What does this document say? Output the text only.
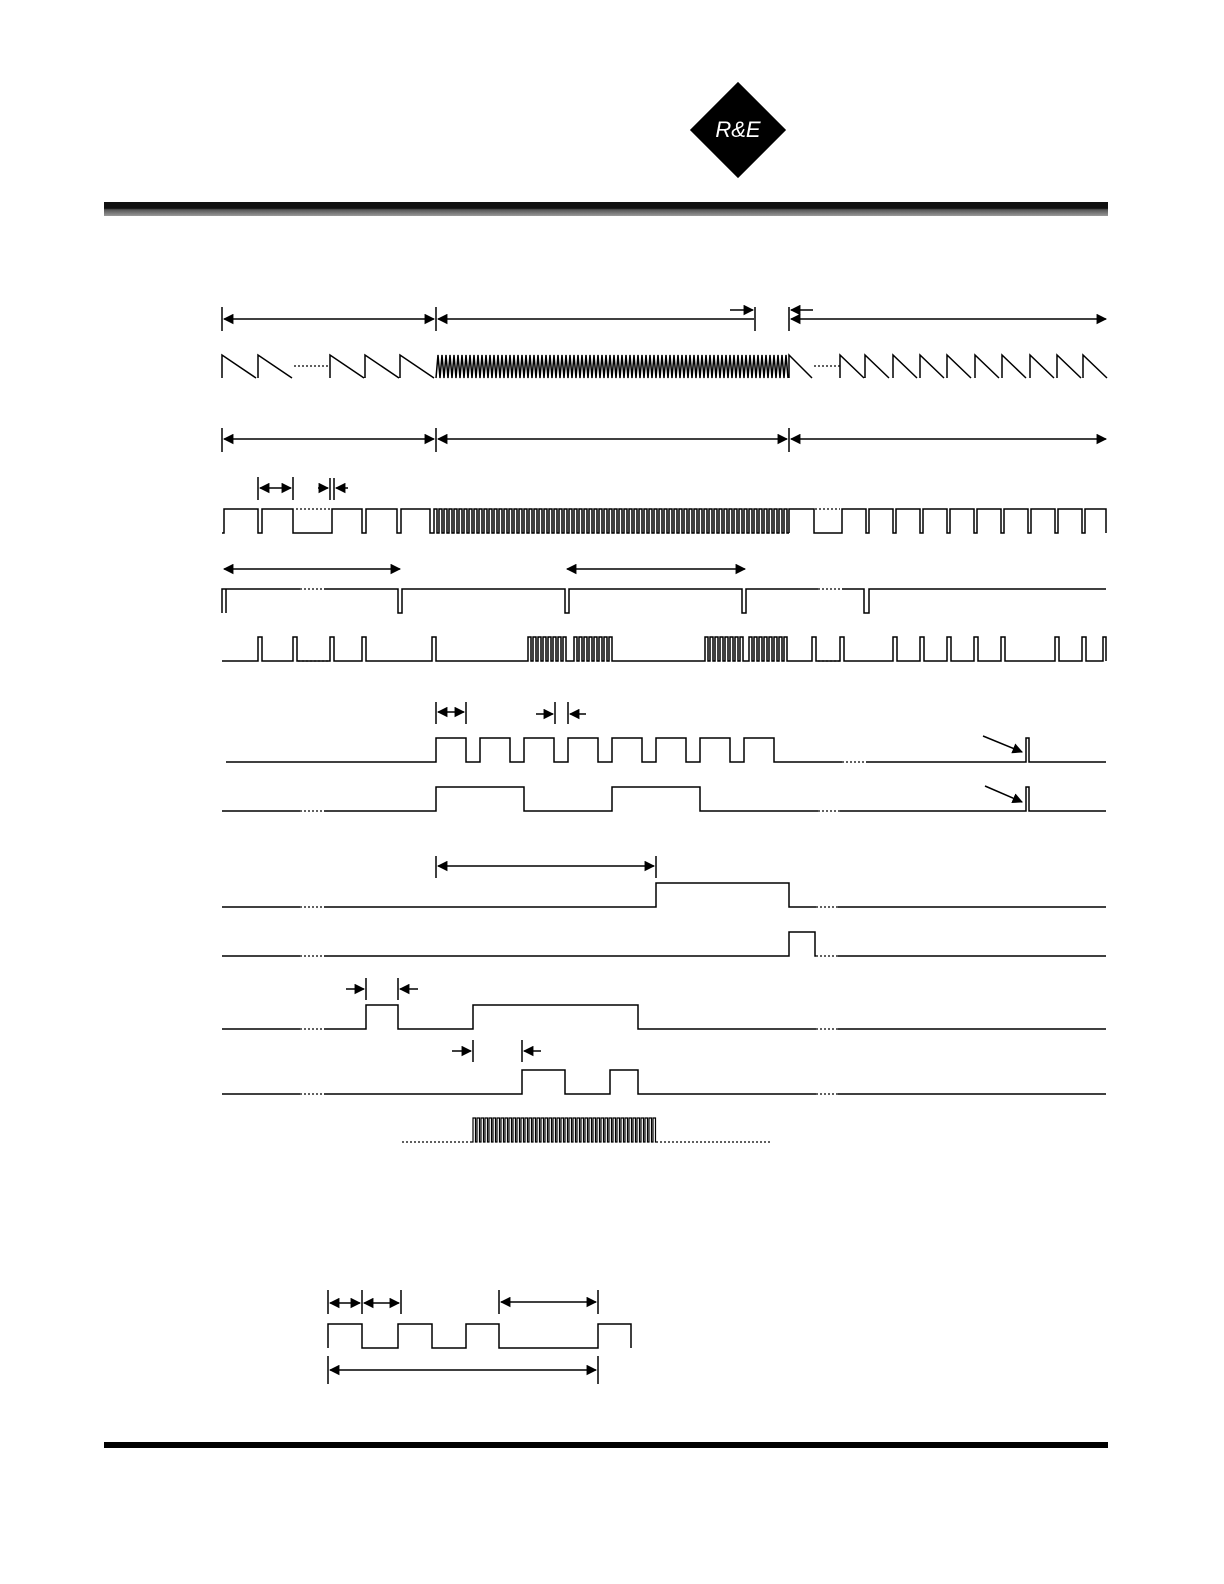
R&E
